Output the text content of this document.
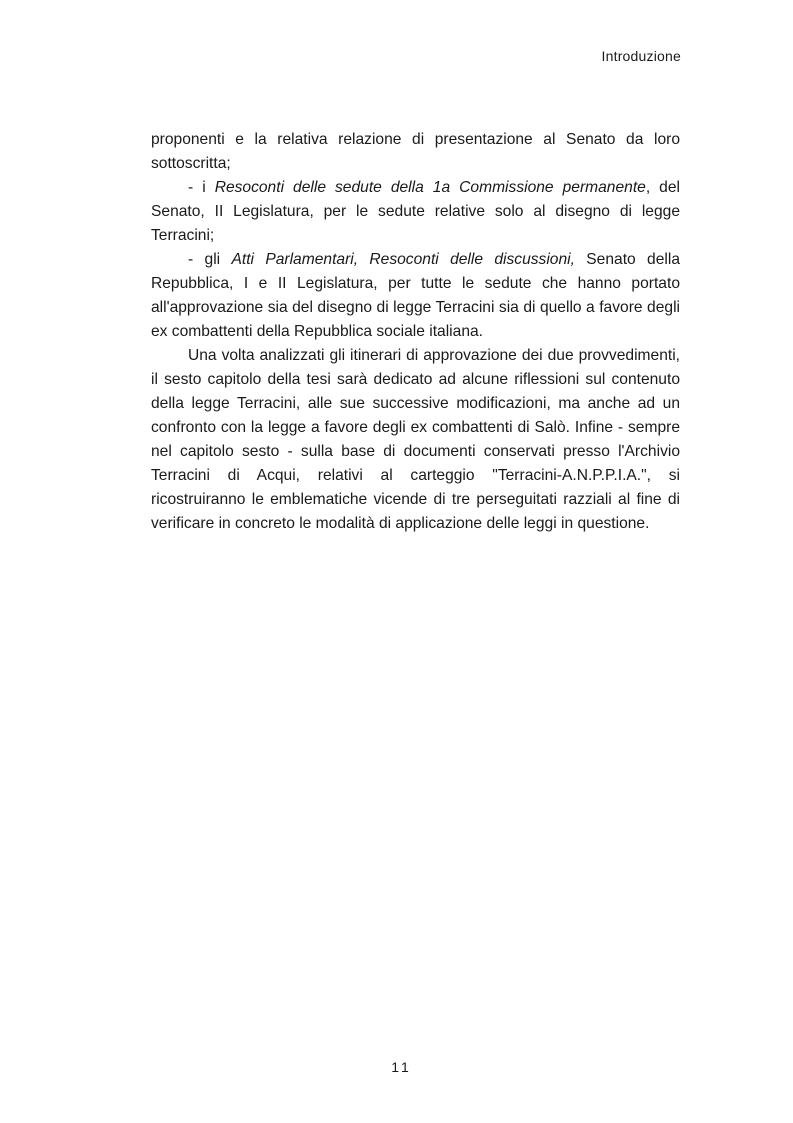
Introduzione

proponenti e la relativa relazione di presentazione al Senato da loro sottoscritta;

- i Resoconti delle sedute della 1a Commissione permanente, del Senato, II Legislatura, per le sedute relative solo al disegno di legge Terracini;

- gli Atti Parlamentari, Resoconti delle discussioni, Senato della Repubblica, I e II Legislatura, per tutte le sedute che hanno portato all'approvazione sia del disegno di legge Terracini sia di quello a favore degli ex combattenti della Repubblica sociale italiana.

Una volta analizzati gli itinerari di approvazione dei due provvedimenti, il sesto capitolo della tesi sarà dedicato ad alcune riflessioni sul contenuto della legge Terracini, alle sue successive modificazioni, ma anche ad un confronto con la legge a favore degli ex combattenti di Salò. Infine - sempre nel capitolo sesto - sulla base di documenti conservati presso l'Archivio Terracini di Acqui, relativi al carteggio "Terracini-A.N.P.P.I.A.", si ricostruiranno le emblematiche vicende di tre perseguitati razziali al fine di verificare in concreto le modalità di applicazione delle leggi in questione.

11
